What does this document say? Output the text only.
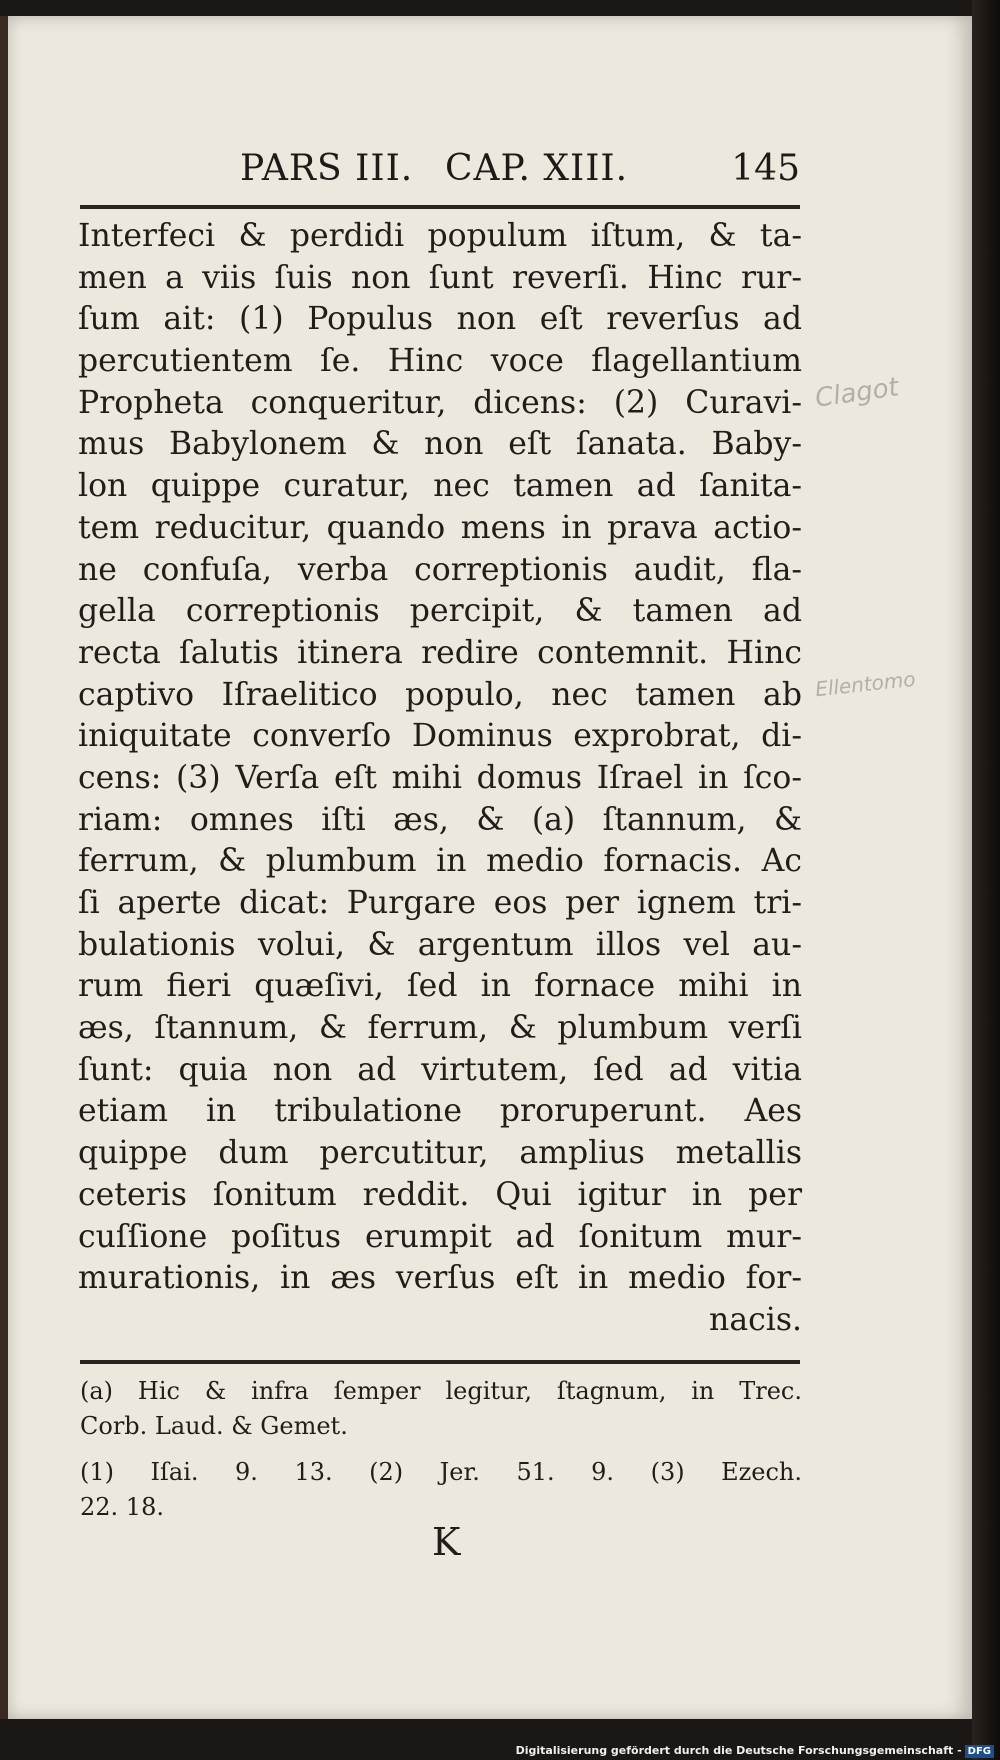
PARS III. CAP. XIII.	145
Interfeci & perdidi populum iſtum, & ta-
men a viis ſuis non ſunt reverſi. Hinc rur-
ſum ait: (1) Populus non eſt reverſus ad
percutientem ſe. Hinc voce flagellantium
Propheta conqueritur, dicens: (2) Curavi-
mus Babylonem & non eſt ſanata. Baby-
lon quippe curatur, nec tamen ad ſanita-
tem reducitur, quando mens in prava actio-
ne confuſa, verba correptionis audit, fla-
gella correptionis percipit, & tamen ad
recta ſalutis itinera redire contemnit. Hinc
captivo Iſraelitico populo, nec tamen ab
iniquitate converſo Dominus exprobrat, di-
cens: (3) Verſa eſt mihi domus Iſrael in ſco-
riam: omnes iſti æs, & (a) ſtannum, &
ferrum, & plumbum in medio fornacis. Ac
ſi aperte dicat: Purgare eos per ignem tri-
bulationis volui, & argentum illos vel au-
rum fieri quæſivi, ſed in fornace mihi in
æs, ſtannum, & ferrum, & plumbum verſi
ſunt: quia non ad virtutem, ſed ad vitia
etiam in tribulatione proruperunt. Aes
quippe dum percutitur, amplius metallis
ceteris ſonitum reddit. Qui igitur in per
cuſſione poſitus erumpit ad ſonitum mur-
murationis, in æs verſus eſt in medio for-
nacis.
(a) Hic & infra ſemper legitur, ſtagnum, in Trec.
Corb. Laud. & Gemet.
(1) Iſai. 9. 13. (2) Jer. 51. 9. (3) Ezech.
22. 18.
K
Clagot
Ellentomo
Digitalisierung gefördert durch die Deutsche Forschungsgemeinschaft - DFG
